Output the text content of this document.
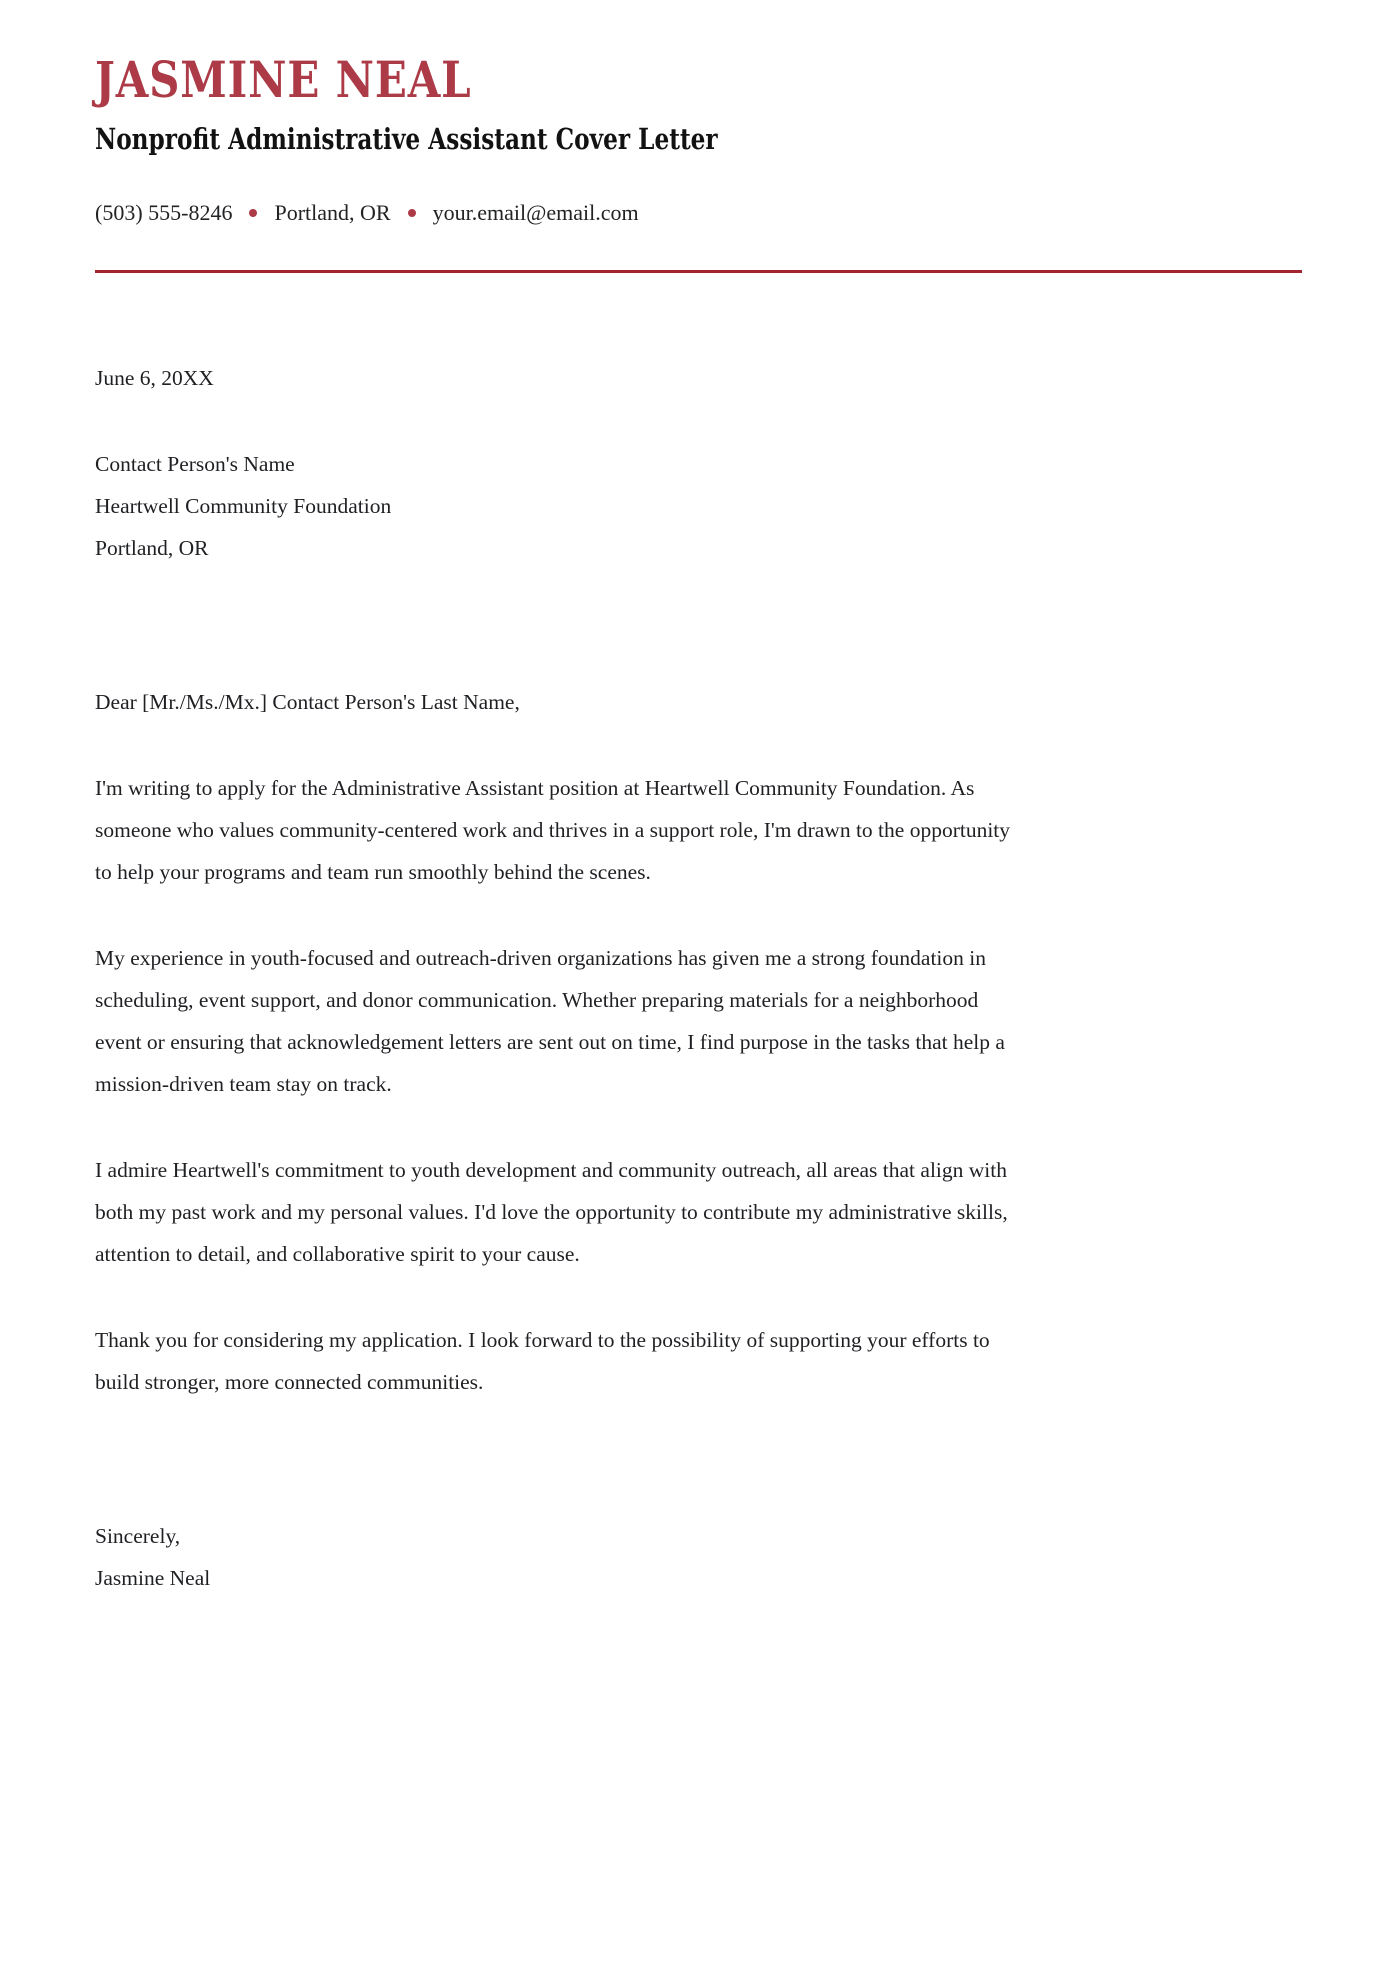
JASMINE NEAL
Nonprofit Administrative Assistant Cover Letter
(503) 555-8246 Portland, OR your.email@email.com
June 6, 20XX
Contact Person's Name
Heartwell Community Foundation
Portland, OR

Dear [Mr./Ms./Mx.] Contact Person's Last Name,

I'm writing to apply for the Administrative Assistant position at Heartwell Community Foundation. As someone who values community-centered work and thrives in a support role, I'm drawn to the opportunity to help your programs and team run smoothly behind the scenes.

My experience in youth-focused and outreach-driven organizations has given me a strong foundation in scheduling, event support, and donor communication. Whether preparing materials for a neighborhood event or ensuring that acknowledgement letters are sent out on time, I find purpose in the tasks that help a mission-driven team stay on track.

I admire Heartwell's commitment to youth development and community outreach, all areas that align with both my past work and my personal values. I'd love the opportunity to contribute my administrative skills, attention to detail, and collaborative spirit to your cause.

Thank you for considering my application. I look forward to the possibility of supporting your efforts to build stronger, more connected communities.

Sincerely,
Jasmine Neal
